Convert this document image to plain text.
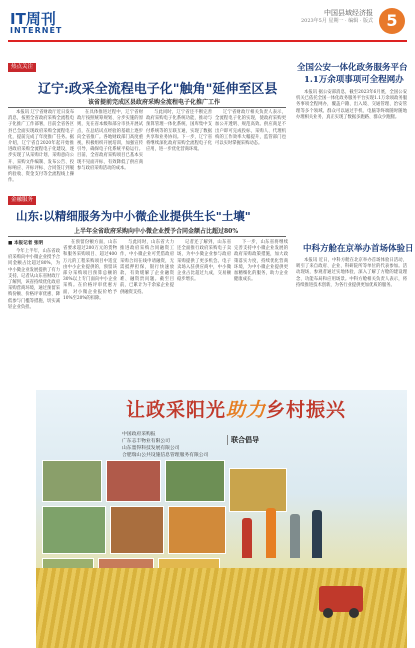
IT周刊
INTERNET
中国县域经济报
2023年5月 星期一 · 编辑 · 版式 5
热点关注
辽宁:政采全流程电子化"触角"延伸至区县
该省提前完成区县政府采购全流程电子化推广工作

本报讯 辽宁省财政厅近日发布消息，按照全省政府采购全流程电子化推广工作部署，目前全省各区县已全面实现政府采购全流程电子化，提前完成了年度推广任务。据介绍，辽宁省自2020年起开始推进政府采购全流程电子化建设，逐步实现了从采购计划、采购意向公开、采购文件编制、发布公告、投标响应、开标评标、合同签订到履约验收、资金支付等全流程线上操作。

在具体推进过程中，辽宁省财政厅按照统筹规划、分步实施的原则，先在省本级和部分市县开展试点，在总结试点经验的基础上逐步向全省推广。各地财政部门高度重视，积极组织开展培训，加强宣传引导，确保电子化系统平稳运行。目前，全省政府采购项目已基本实现不见面开标，有效降低了供应商参与政府采购活动的成本。

与此同时，辽宁省还不断完善政府采购电子化系统功能，推动与预算管理一体化系统、国库集中支付系统等的互联互通，实现了数据共享和业务协同。下一步，辽宁省将继续深化政府采购全流程电子化应用，进一步优化营商环境。

辽宁省财政厅相关负责人表示，全流程电子化的实现，使政府采购更加公开透明、规范高效。供应商足不出户即可完成投标，采购人、代理机构的工作效率大幅提升，监管部门也可以实时掌握采购动态。

金融服务
山东:以精细服务为中小微企业提供生长"土壤"
上半年全省政府采购向中小微企业授予合同金额占比超过80%
■ 本报记者 张明

今年上半年，山东省政府采购向中小微企业授予合同金额占比超过80%，为中小微企业发展提供了有力支持。记者从山东省财政厅了解到，该省持续优化政府采购营商环境，通过预留采购份额、价格评审优惠、降低参与门槛等措施，切实减轻企业负担。

在预留份额方面，山东省要求超过200万元的货物和服务采购项目、超过400万元的工程采购项目中适宜由中小企业提供的，预留该部分采购项目预算总额的30%以上专门面向中小企业采购。在价格评审优惠方面，对小微企业报价给予10%至20%的扣除。

与此同时，山东省大力推进政府采购合同融资工作，中小微企业可凭借政府采购合同在线申请融资，无需抵押担保，银行快速放款，有效缓解了企业融资难、融资贵问题。截至目前，已累计为千余家企业提供融资支持。

记者还了解到，山东省还全面推行政府采购电子卖场，为中小微企业参与政府采购提供了更多机会。电子卖场入驻供应商中，中小微企业占比超过九成，交易额稳步增长。

下一步，山东省将继续完善支持中小微企业发展的政府采购政策措施，加大政策落实力度，持续优化营商环境，为中小微企业提供更加精细化的服务，助力企业健康成长。

全国公安一体化政务服务平台
1.1万余项事项可全程网办

本报讯 据公安部消息，截至2023年6月底，全国公安机关已依托全国一体化政务服务平台实现1.1万余项政务服务事项全程网办，覆盖户籍、出入境、交通管理、治安管理等多个领域。群众可以通过手机、电脑等终端随时随地办理相关业务，真正实现了数据多跑路、群众少跑腿。

中科方舱在京举办首场体验日

本报讯 近日，中科方舱在北京举办首场体验日活动，吸引了来自政府、企业、科研院所等单位的代表参加。活动现场，参观者通过实地体验，深入了解了方舱的建设理念、功能布局和应用场景。中科方舱相关负责人表示，将持续推进技术创新，为各行业提供更加优质的服务。

让政采阳光助力乡村振兴
中国政府采购报
广东志丰物业有限公司
山东墨得科技发展有限公司
合肥瑞山公共设施信息管理服务有限公司
联合倡导
